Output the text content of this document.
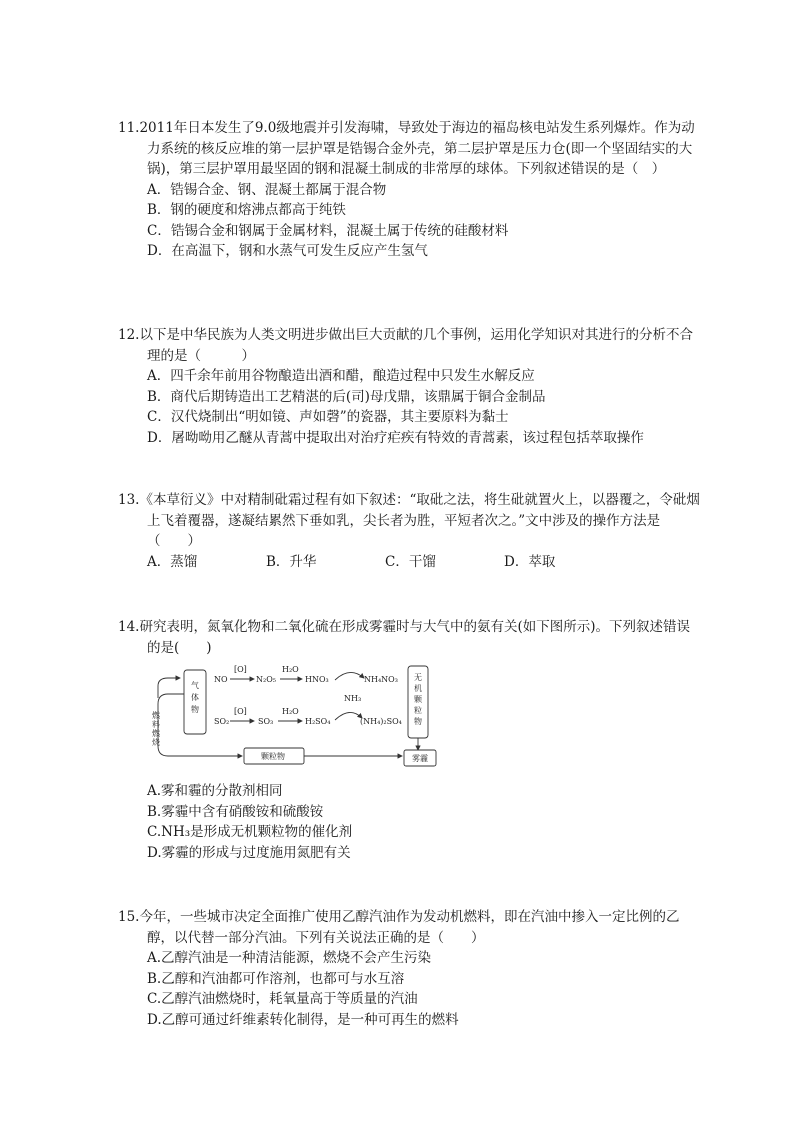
11.2011年日本发生了9.0级地震并引发海啸，导致处于海边的福岛核电站发生系列爆炸。作为动力系统的核反应堆的第一层护罩是锆锡合金外壳，第二层护罩是压力仓(即一个坚固结实的大锅)，第三层护罩用最坚固的钢和混凝土制成的非常厚的球体。下列叙述错误的是（　）

A．锆锡合金、钢、混凝土都属于混合物

B．钢的硬度和熔沸点都高于纯铁

C．锆锡合金和钢属于金属材料，混凝土属于传统的硅酸材料

D．在高温下，钢和水蒸气可发生反应产生氢气

12.以下是中华民族为人类文明进步做出巨大贡献的几个事例，运用化学知识对其进行的分析不合理的是（　　　）

A．四千余年前用谷物酿造出酒和醋，酿造过程中只发生水解反应

B．商代后期铸造出工艺精湛的后(司)母戊鼎，该鼎属于铜合金制品

C．汉代烧制出“明如镜、声如磬”的瓷器，其主要原料为黏士

D．屠呦呦用乙醚从青蒿中提取出对治疗疟疾有特效的青蒿素，该过程包括萃取操作

13.《本草衍义》中对精制砒霜过程有如下叙述：“取砒之法，将生砒就置火上，以器覆之，令砒烟上飞着覆器，遂凝结累然下垂如乳，尖长者为胜，平短者次之。”文中涉及的操作方法是（　　）

A．蒸馏	B．升华	C．干馏	D．萃取

14.研究表明，氮氧化物和二氧化硫在形成雾霾时与大气中的氨有关(如下图所示)。下列叙述错误的是(　　)

燃 料 燃 烧
气
体
物
NO
[O]
N₂O₅
H₂O
HNO₃	NH₄NO₃
NH₃
SO₂
[O]
SO₃
H₂O
H₂SO₄	(NH₄)₂SO₄
无
机
颗
粒
物
颗粒物	雾霾

A.雾和霾的分散剂相同

B.雾霾中含有硝酸铵和硫酸铵

C.NH₃是形成无机颗粒物的催化剂

D.雾霾的形成与过度施用氮肥有关

15.今年，一些城市决定全面推广使用乙醇汽油作为发动机燃料，即在汽油中掺入一定比例的乙醇，以代替一部分汽油。下列有关说法正确的是（　　）

A.乙醇汽油是一种清洁能源，燃烧不会产生污染

B.乙醇和汽油都可作溶剂，也都可与水互溶

C.乙醇汽油燃烧时，耗氧量高于等质量的汽油

D.乙醇可通过纤维素转化制得，是一种可再生的燃料
